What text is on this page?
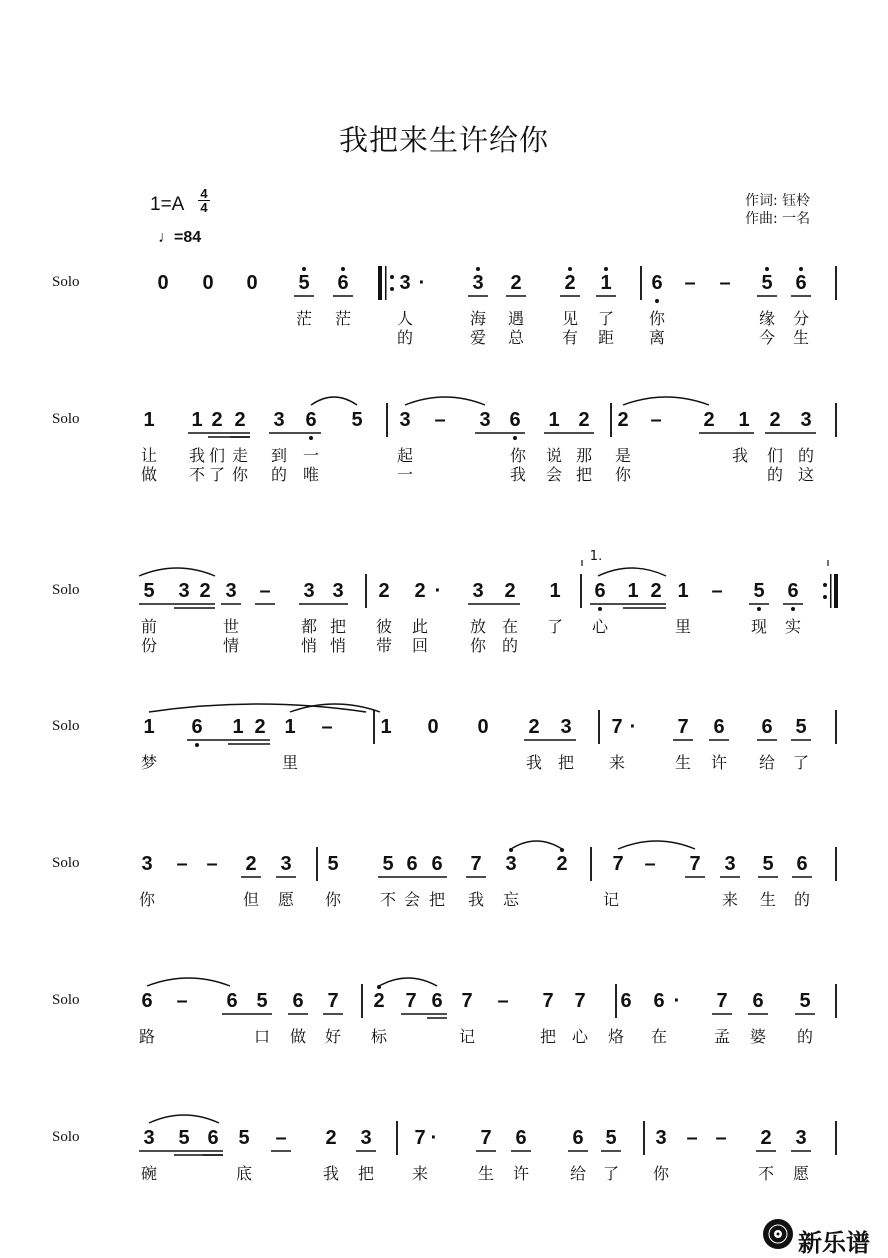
我把来生许给你
1=A
4
4
♩=84
作词: 钰柃
作曲: 一名
Solo	0 0 0 5 6	3 · 3 2 2 1 6 – – 5 6
茫 茫	人	海 遇 见 了 你	缘 分
的	爱 总 有 距 离	今 生
Solo	1 1 2 2 3 6 5 3 – 3 6 1 2 2 – 2 1 2 3
让 我 们 走 到 一	起	你 说 那 是	我 们 的
做 不 了 你 的 唯	一	我 会 把 你	的 这
Solo	5 3 2 3 – 3 3 2 2 · 3 2 1 6 1 2 1 – 5 6
1.
前	世	都 把 彼 此	放 在 了 心	里	现 实
份	情	悄 悄 带 回	你 的
Solo	1 6 1 2 1 – 1 0 0 2 3 7 · 7 6 6 5
梦	里	我 把 来	生 许 给 了
Solo	3 – – 2 3 5 5 6 6 7 3 2 7 – 7 3 5 6
你	但 愿 你 不 会 把 我 忘	记	来 生 的
Solo	6 – 6 5 6 7 2 7 6 7 – 7 7 6 6 · 7 6 5
路	口 做 好 标	记	把 心 烙 在	孟 婆 的
Solo	3 5 6 5 – 2 3 7 · 7 6 6 5 3 – – 2 3
碗	底	我 把 来	生 许	给 了 你	不 愿
新乐谱
